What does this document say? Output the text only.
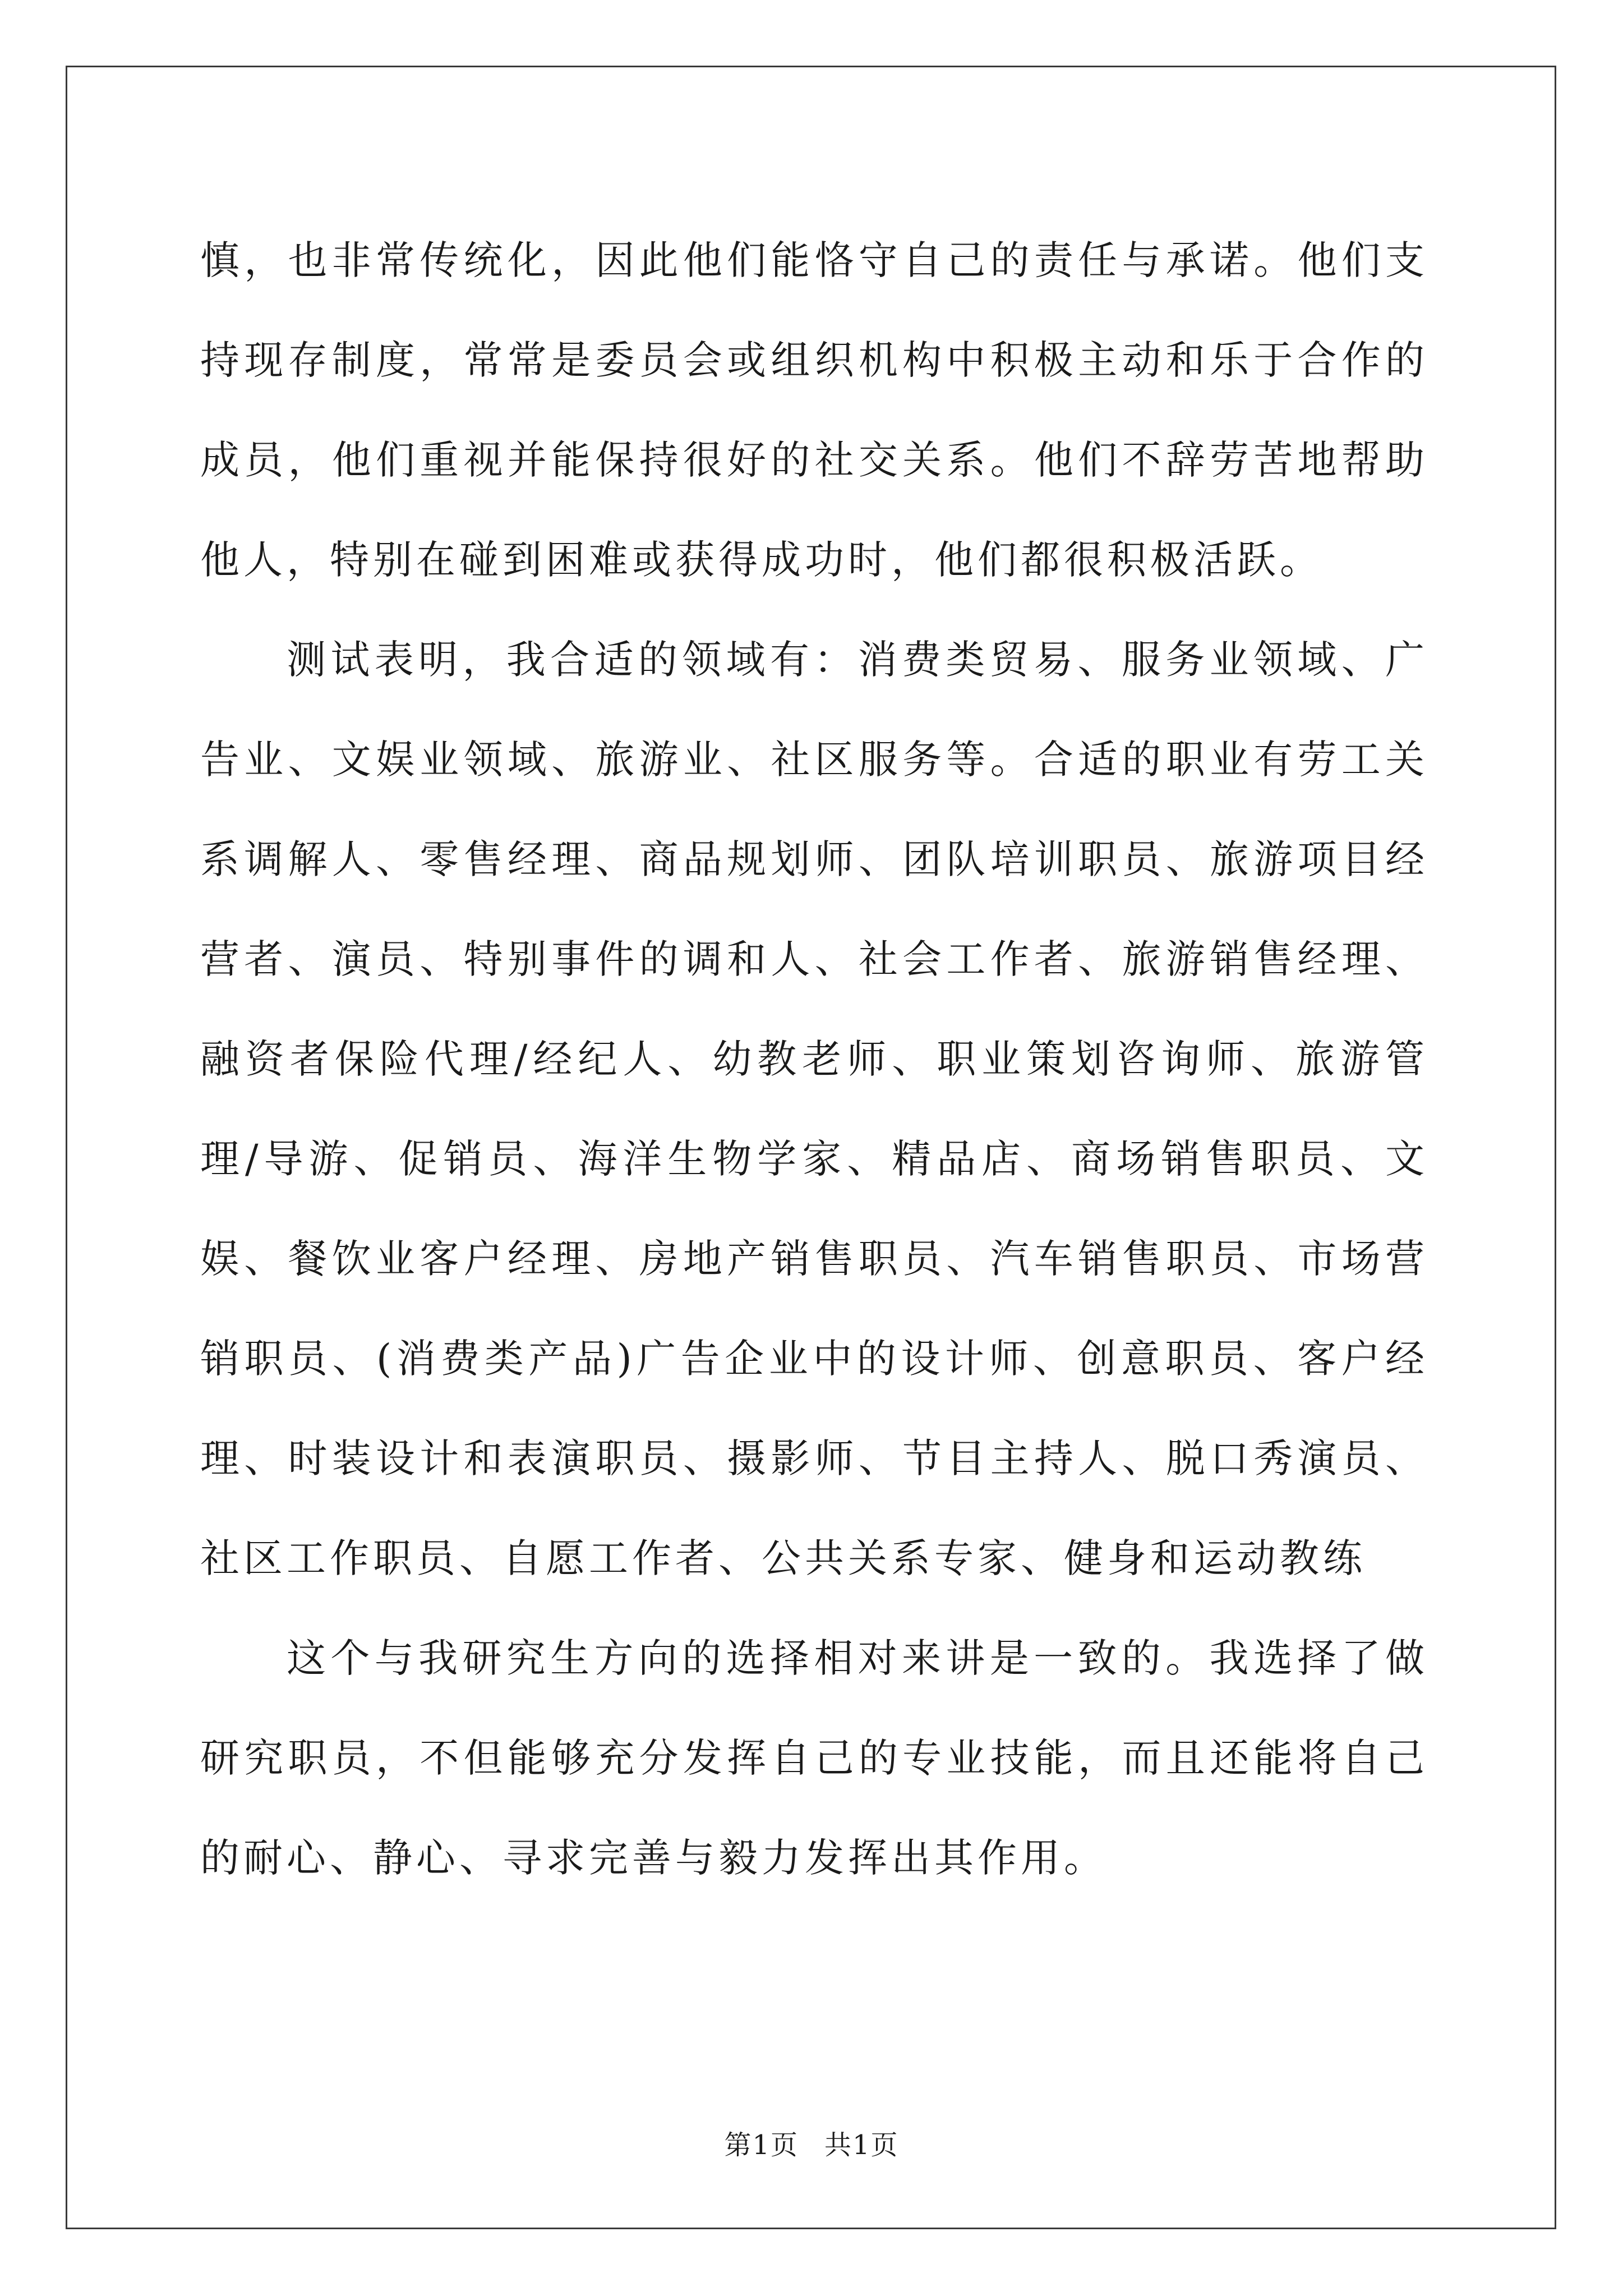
慎，也非常传统化，因此他们能恪守自己的责任与承诺。他们支持现存制度，常常是委员会或组织机构中积极主动和乐于合作的成员，他们重视并能保持很好的社交关系。他们不辞劳苦地帮助他人，特别在碰到困难或获得成功时，他们都很积极活跃。

测试表明，我合适的领域有：消费类贸易、服务业领域、广告业、文娱业领域、旅游业、社区服务等。合适的职业有劳工关系调解人、零售经理、商品规划师、团队培训职员、旅游项目经营者、演员、特别事件的调和人、社会工作者、旅游销售经理、融资者保险代理/经纪人、幼教老师、职业策划咨询师、旅游管理/导游、促销员、海洋生物学家、精品店、商场销售职员、文娱、餐饮业客户经理、房地产销售职员、汽车销售职员、市场营销职员、(消费类产品)广告企业中的设计师、创意职员、客户经理、时装设计和表演职员、摄影师、节目主持人、脱口秀演员、社区工作职员、自愿工作者、公共关系专家、健身和运动教练

这个与我研究生方向的选择相对来讲是一致的。我选择了做研究职员，不但能够充分发挥自己的专业技能，而且还能将自己的耐心、静心、寻求完善与毅力发挥出其作用。

第1页 共1页
